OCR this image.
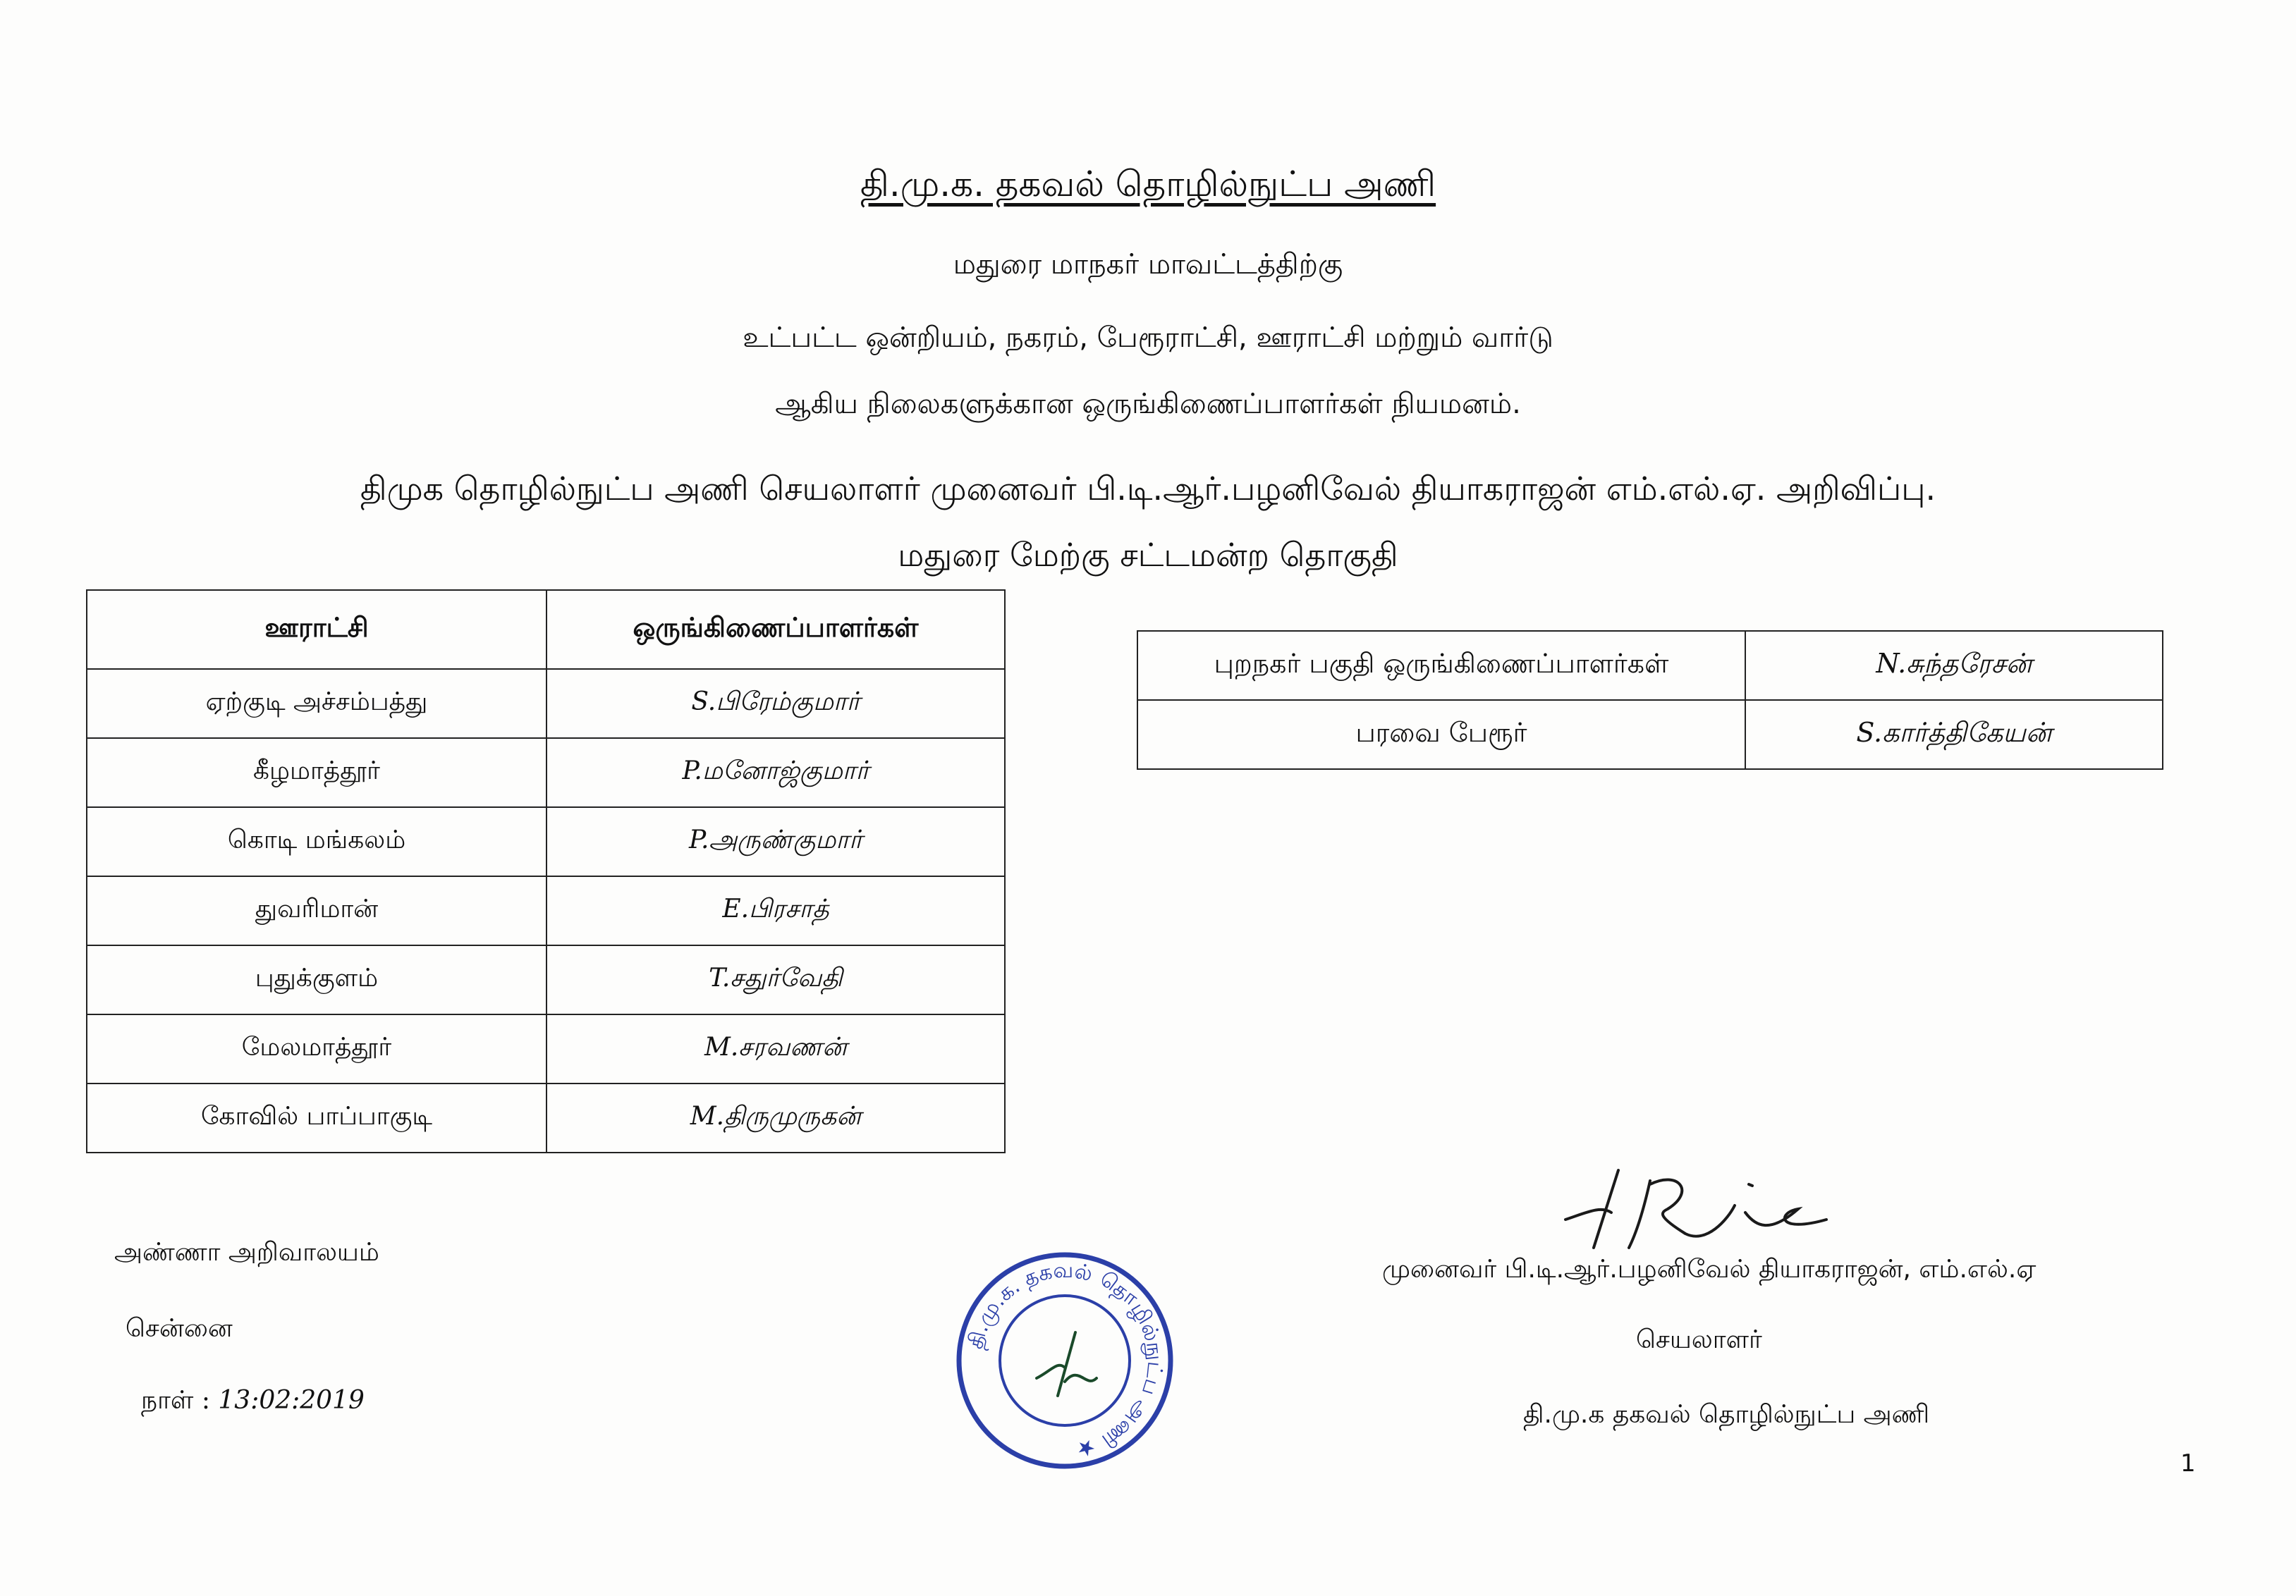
தி.மு.க. தகவல் தொழில்நுட்ப அணி
மதுரை மாநகர் மாவட்டத்திற்கு
உட்பட்ட ஒன்றியம், நகரம், பேரூராட்சி, ஊராட்சி மற்றும் வார்டு
ஆகிய நிலைகளுக்கான ஒருங்கிணைப்பாளர்கள் நியமனம்.
திமுக தொழில்நுட்ப அணி செயலாளர் முனைவர் பி.டி.ஆர்.பழனிவேல் தியாகராஜன் எம்.எல்.ஏ. அறிவிப்பு.
மதுரை மேற்கு சட்டமன்ற தொகுதி
ஊராட்சி	ஒருங்கிணைப்பாளர்கள்
ஏற்குடி அச்சம்பத்து	S.பிரேம்குமார்
கீழமாத்தூர்	P.மனோஜ்குமார்
கொடி மங்கலம்	P.அருண்குமார்
துவரிமான்	E.பிரசாத்
புதுக்குளம்	T.சதுர்வேதி
மேலமாத்தூர்	M.சரவணன்
கோவில் பாப்பாகுடி	M.திருமுருகன்
புறநகர் பகுதி ஒருங்கிணைப்பாளர்கள்	N.சுந்தரேசன்
பரவை பேரூர்	S.கார்த்திகேயன்
தி.மு.க. தகவல் தொழில்நுட்ப அணி ★
அண்ணா அறிவாலயம்
சென்னை
நாள் : 13:02:2019
முனைவர் பி.டி.ஆர்.பழனிவேல் தியாகராஜன், எம்.எல்.ஏ
செயலாளர்
தி.மு.க தகவல் தொழில்நுட்ப அணி
1
